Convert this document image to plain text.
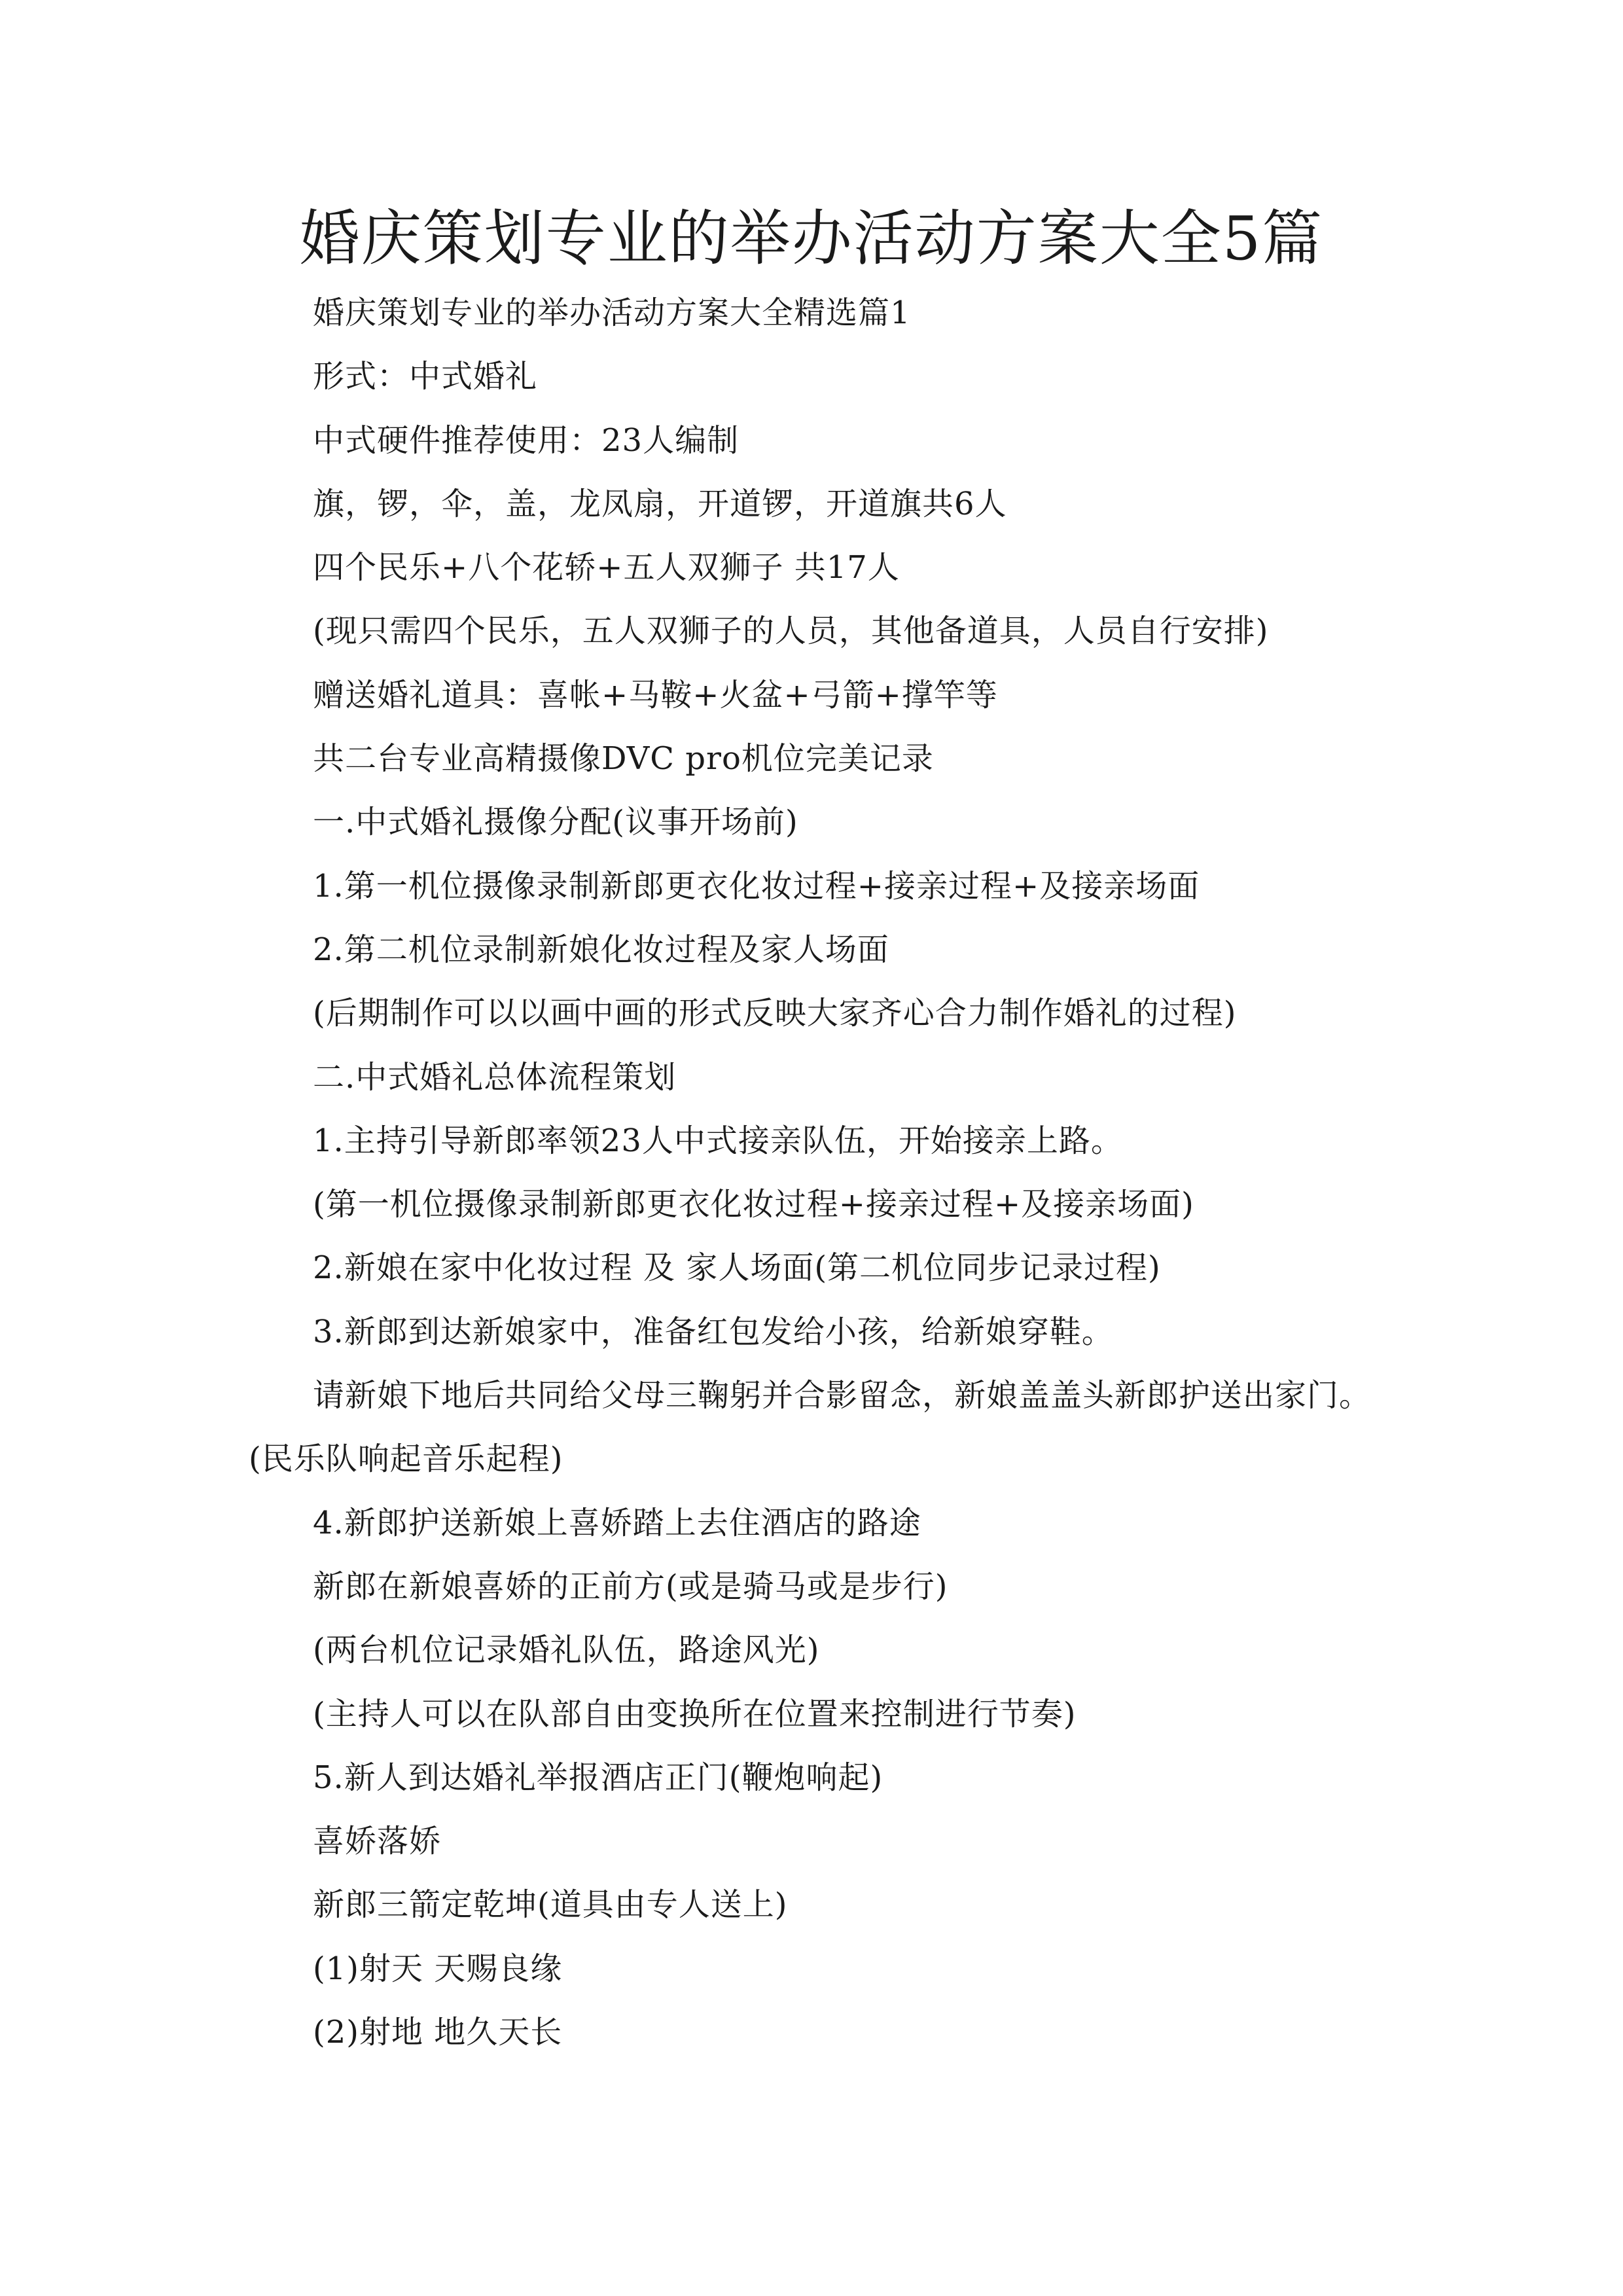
婚庆策划专业的举办活动方案大全5篇

婚庆策划专业的举办活动方案大全精选篇1

形式：中式婚礼

中式硬件推荐使用：23人编制

旗，锣，伞，盖，龙凤扇，开道锣，开道旗共6人

四个民乐+八个花轿+五人双狮子 共17人

(现只需四个民乐，五人双狮子的人员，其他备道具，人员自行安排)

赠送婚礼道具：喜帐+马鞍+火盆+弓箭+撑竿等

共二台专业高精摄像DVC pro机位完美记录

一.中式婚礼摄像分配(议事开场前)

1.第一机位摄像录制新郎更衣化妆过程+接亲过程+及接亲场面

2.第二机位录制新娘化妆过程及家人场面

(后期制作可以以画中画的形式反映大家齐心合力制作婚礼的过程)

二.中式婚礼总体流程策划

1.主持引导新郎率领23人中式接亲队伍，开始接亲上路。

(第一机位摄像录制新郎更衣化妆过程+接亲过程+及接亲场面)

2.新娘在家中化妆过程 及 家人场面(第二机位同步记录过程)

3.新郎到达新娘家中，准备红包发给小孩，给新娘穿鞋。

请新娘下地后共同给父母三鞠躬并合影留念，新娘盖盖头新郎护送出家门。

(民乐队响起音乐起程)

4.新郎护送新娘上喜娇踏上去住酒店的路途

新郎在新娘喜娇的正前方(或是骑马或是步行)

(两台机位记录婚礼队伍，路途风光)

(主持人可以在队部自由变换所在位置来控制进行节奏)

5.新人到达婚礼举报酒店正门(鞭炮响起)

喜娇落娇

新郎三箭定乾坤(道具由专人送上)

(1)射天 天赐良缘

(2)射地 地久天长
